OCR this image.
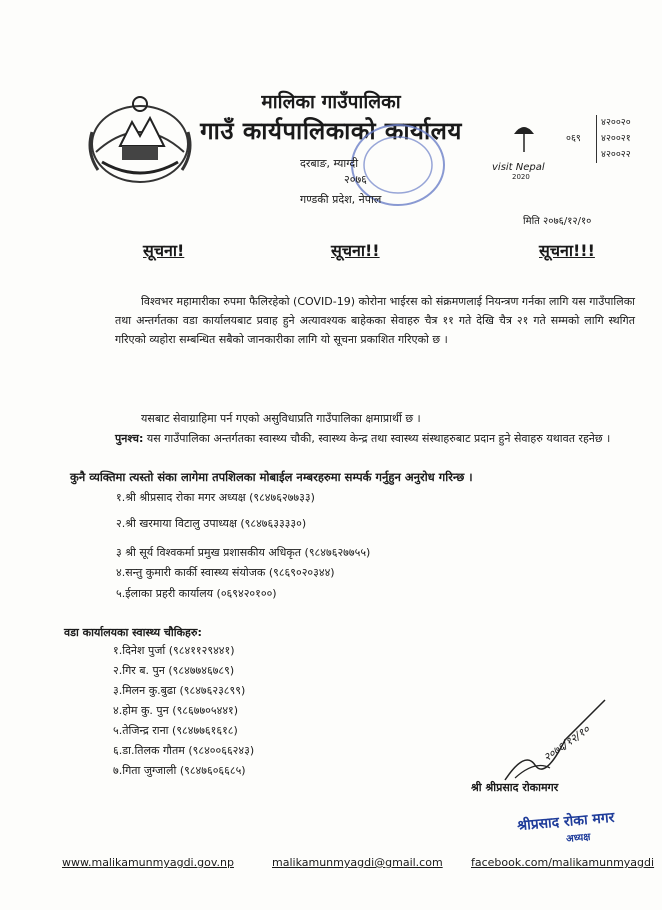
मालिका गाउँपालिका
गाउँ कार्यपालिकाको कार्यालय
दरबाङ, म्याग्दी
२०७६
गण्डकी प्रदेश, नेपाल
visit Nepal
2020
०६९
४२००२०
४२००२१
४२००२२
मिति २०७६/१२/१०
सूचना!	सूचना!!	सूचना!!!
विश्वभर महामारीका रुपमा फैलिरहेको (COVID-19) कोरोना भाईरस को संक्रमणलाई नियन्त्रण गर्नका लागि यस गाउँपालिका तथा अन्तर्गतका वडा कार्यालयबाट प्रवाह हुने अत्यावश्यक बाहेकका सेवाहरु चैत्र ११ गते देखि चैत्र २१ गते सम्मको लागि स्थगित गरिएको व्यहोरा सम्बन्धित सबैको जानकारीका लागि यो सूचना प्रकाशित गरिएको छ ।
यसबाट सेवाग्राहिमा पर्न गएको असुविधाप्रति गाउँपालिका क्षमाप्रार्थी छ ।
पुनश्च: यस गाउँपालिका अन्तर्गतका स्वास्थ्य चौकी, स्वास्थ्य केन्द्र तथा स्वास्थ्य संस्थाहरुबाट प्रदान हुने सेवाहरु यथावत रहनेछ ।
कुनै व्यक्तिमा त्यस्तो संका लागेमा तपशिलका मोबाईल नम्बरहरुमा सम्पर्क गर्नुहुन अनुरोध गरिन्छ ।
१.श्री श्रीप्रसाद रोका मगर अध्यक्ष (९८४७६२७७३३)
२.श्री खरमाया विटालु उपाध्यक्ष (९८४७६३३३३०)
३ श्री सूर्य विश्वकर्मा प्रमुख प्रशासकीय अधिकृत (९८४७६२७७५५)
४.सन्तु कुमारी कार्की स्वास्थ्य संयोजक (९८६९०२०३४४)
५.ईलाका प्रहरी कार्यालय (०६९४२०१००)
वडा कार्यालयका स्वास्थ्य चौकिहरु:
१.दिनेश पुर्जा (९८४११२९४४१)
२.गिर ब. पुन (९८४७७४६७८९)
३.मिलन कु.बुढा (९८४७६२३८९९)
४.होम कु. पुन (९८६७७०५४४१)
५.तेजिन्द्र राना (९८४७७६१६१८)
६.डा.तिलक गौतम (९८४००६६२४३)
७.गिता जुग्जाली (९८४७६०६६८५)
२०७६/१२/१०
श्री श्रीप्रसाद रोकामगर
श्रीप्रसाद रोका मगर
अध्यक्ष
www.malikamunmyagdi.gov.np	malikamunmyagdi@gmail.com	facebook.com/malikamunmyagdi
